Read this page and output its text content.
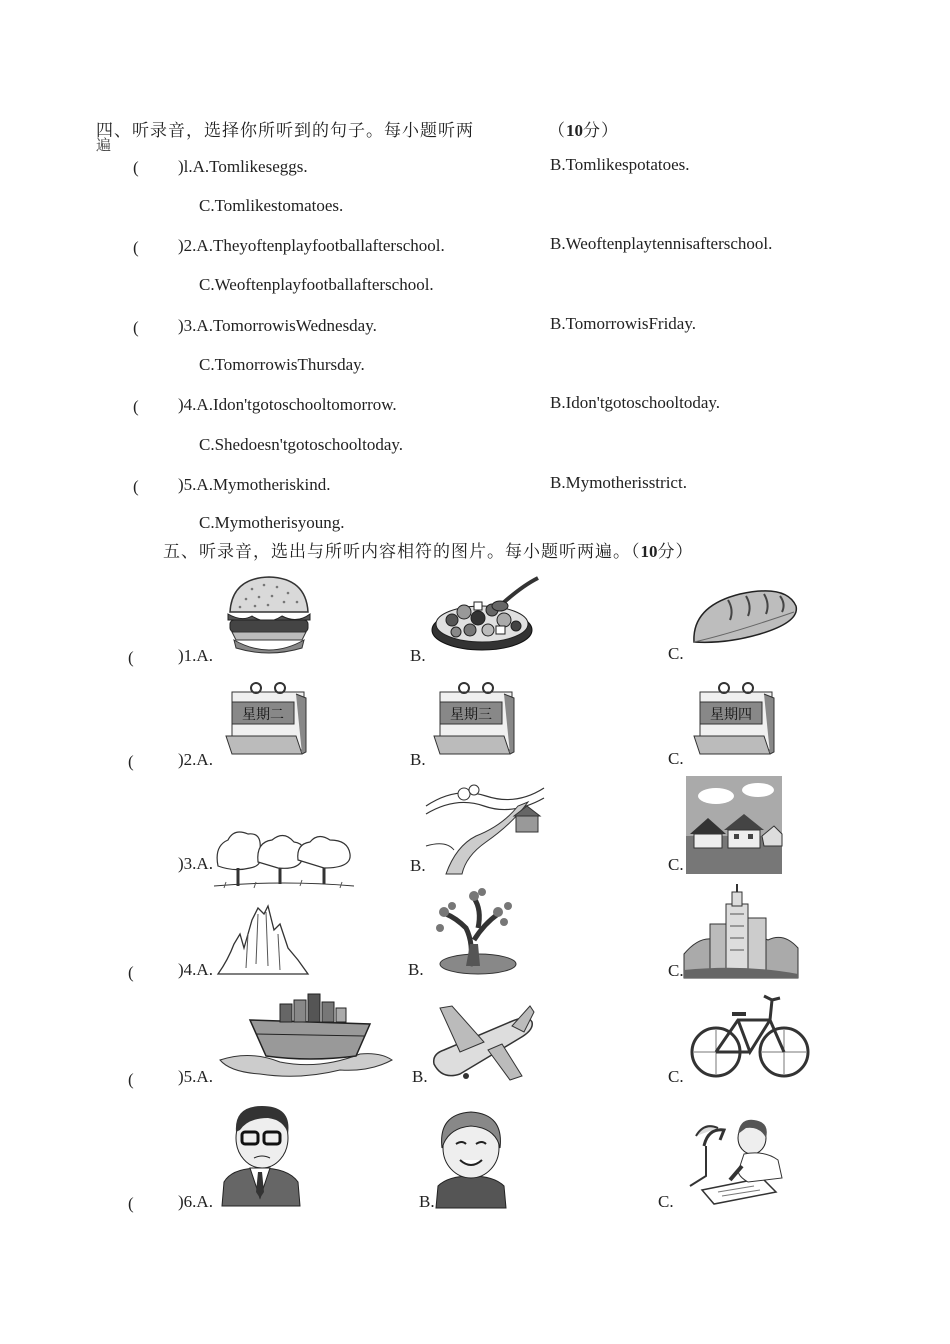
四、听录音，选择你所听到的句子。每小题听两
遍
（10分）
( )l.A.Tomlikeseggs.	B.Tomlikespotatoes.
C.Tomlikestomatoes.
( )2.A.Theyoftenplayfootballafterschool.	B.Weoftenplaytennisafterschool.
C.Weoftenplayfootballafterschool.
( )3.A.TomorrowisWednesday.	B.TomorrowisFriday.
C.TomorrowisThursday.
( )4.A.Idon'tgotoschooltomorrow.	B.Idon'tgotoschooltoday.
C.Shedoesn'tgotoschooltoday.
( )5.A.Mymotheriskind.	B.Mymotherisstrict.
C.Mymotherisyoung.
五、听录音，选出与所听内容相符的图片。每小题听两遍。（10分）
(	)1.A.	B.	C.
(	)2.A.	B.	C.
)3.A.	B.	C.
(	)4.A.	B.	C.
(	)5.A.	B.	C.
(	)6.A.	B.	C.
星期二	星期三	星期四
